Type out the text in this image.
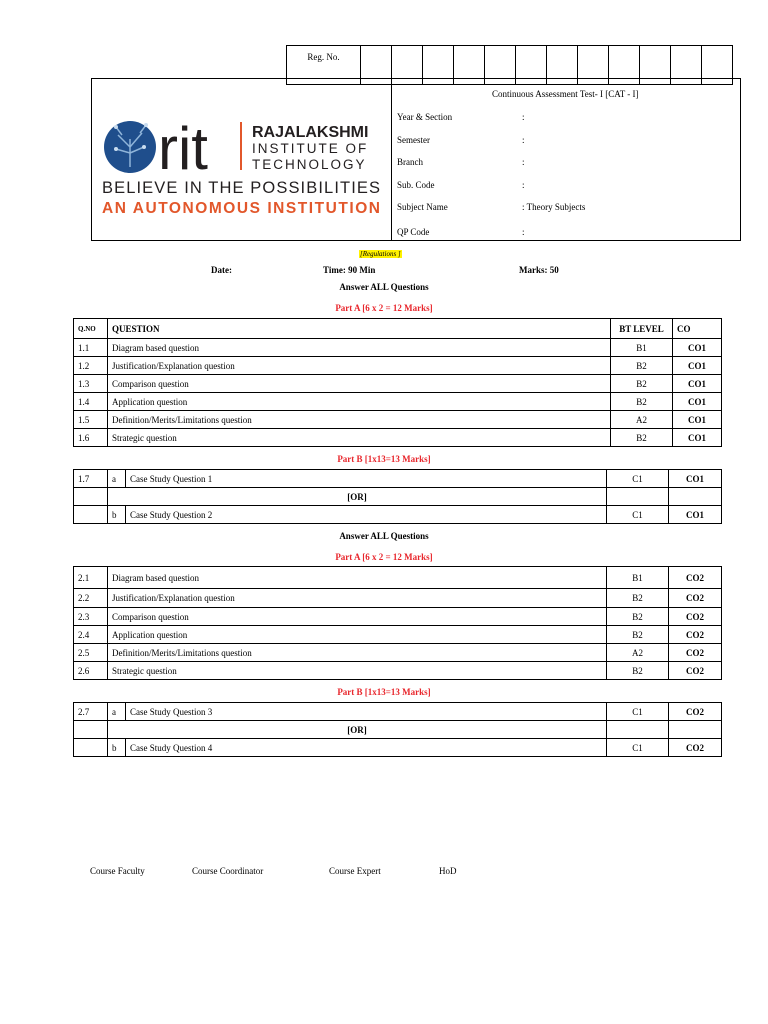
Reg. No.												
rit	RAJALAKSHMI
INSTITUTE OF
TECHNOLOGY
BELIEVE IN THE POSSIBILITIES
AN AUTONOMOUS INSTITUTION
Continuous Assessment Test- I [CAT - I]
Year & Section	:
Semester	:
Branch	:
Sub. Code	:
Subject Name	: Theory Subjects
QP Code	:
[Regulations ]
Date:	Time: 90 Min	Marks: 50
Answer ALL Questions
Part A [6 x 2 = 12 Marks]
Q.NO	QUESTION	BT LEVEL	CO
1.1	Diagram based question	B1	CO1
1.2	Justification/Explanation question	B2	CO1
1.3	Comparison question	B2	CO1
1.4	Application question	B2	CO1
1.5	Definition/Merits/Limitations question	A2	CO1
1.6	Strategic question	B2	CO1
Part B [1x13=13 Marks]
1.7	a	Case Study Question 1	C1	CO1
	[OR]			
	b	Case Study Question 2	C1	CO1
Answer ALL Questions
Part A [6 x 2 = 12 Marks]
2.1	Diagram based question	B1	CO2
2.2	Justification/Explanation question	B2	CO2
2.3	Comparison question	B2	CO2
2.4	Application question	B2	CO2
2.5	Definition/Merits/Limitations question	A2	CO2
2.6	Strategic question	B2	CO2
Part B [1x13=13 Marks]
2.7	a	Case Study Question 3	C1	CO2
	[OR]			
	b	Case Study Question 4	C1	CO2
Course Faculty	Course Coordinator	Course Expert	HoD
